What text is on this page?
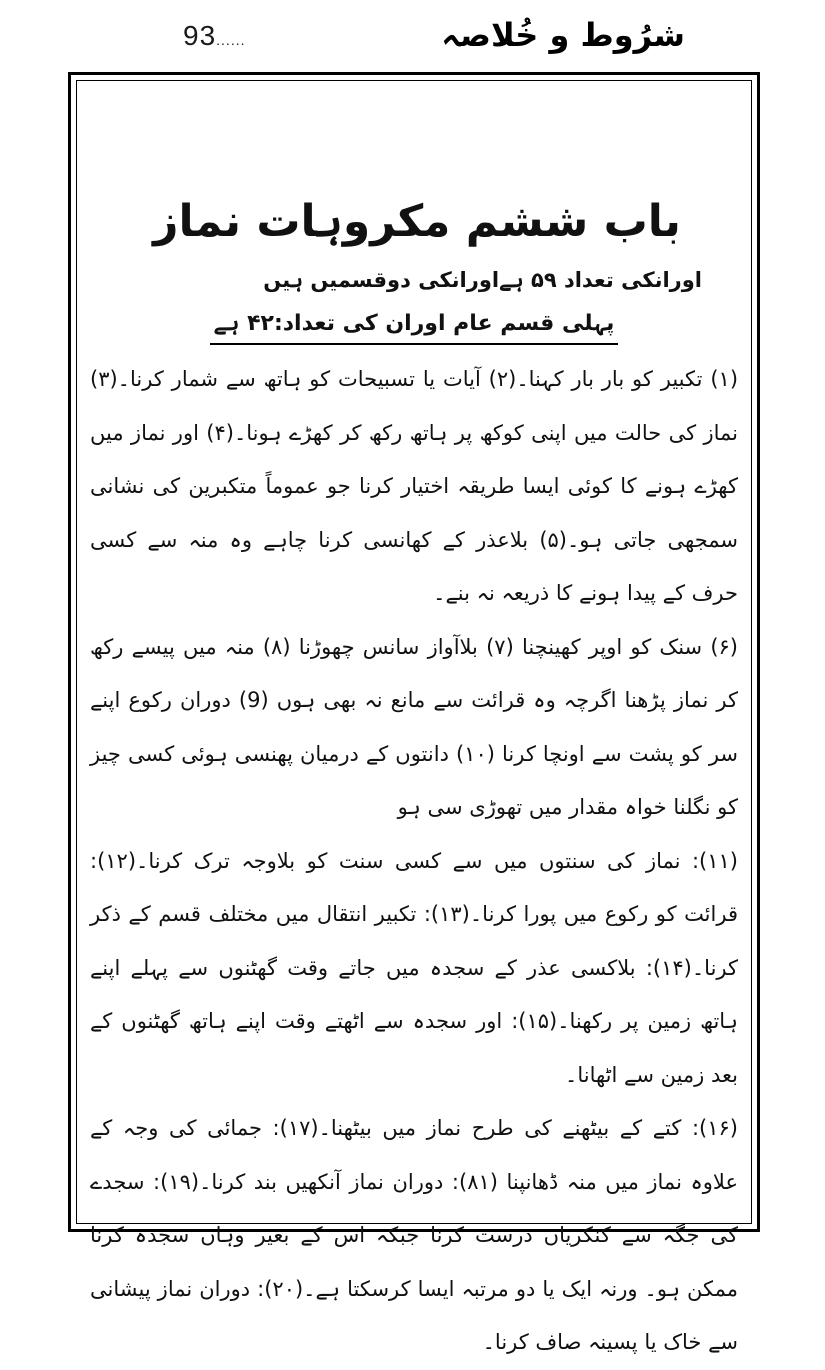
93......	شرُوط و خُلاصہ
باب ششم مکروہات نماز

اورانکی تعداد ۵۹ ہےاورانکی دوقسمیں ہیں

پہلی قسم عام اوران کی تعداد:۴۲ ہے

(۱) تکبیر کو بار بار کہنا۔(۲) آیات یا تسبیحات کو ہاتھ سے شمار کرنا۔(۳) نماز کی حالت میں اپنی کوکھ پر ہاتھ رکھ کر کھڑے ہونا۔(۴) اور نماز میں کھڑے ہونے کا کوئی ایسا طریقہ اختیار کرنا جو عموماً متکبرین کی نشانی سمجھی جاتی ہو۔(۵) بلاعذر کے کھانسی کرنا چاہے وہ منہ سے کسی حرف کے پیدا ہونے کا ذریعہ نہ بنے۔

(۶) سنک کو اوپر کھینچنا (۷) بلاآواز سانس چھوڑنا (۸) منہ میں پیسے رکھ کر نماز پڑھنا اگرچہ وہ قرائت سے مانع نہ بھی ہوں (9) دوران رکوع اپنے سر کو پشت سے اونچا کرنا (۱۰) دانتوں کے درمیان پھنسی ہوئی کسی چیز کو نگلنا خواہ مقدار میں تھوڑی سی ہو

(۱۱): نماز کی سنتوں میں سے کسی سنت کو بلاوجہ ترک کرنا۔(۱۲): قرائت کو رکوع میں پورا کرنا۔(۱۳): تکبیر انتقال میں مختلف قسم کے ذکر کرنا۔(۱۴): بلاکسی عذر کے سجدہ میں جاتے وقت گھٹنوں سے پہلے اپنے ہاتھ زمین پر رکھنا۔(۱۵): اور سجدہ سے اٹھتے وقت اپنے ہاتھ گھٹنوں کے بعد زمین سے اٹھانا۔

(۱۶): کتے کے بیٹھنے کی طرح نماز میں بیٹھنا۔(۱۷): جمائی کی وجہ کے علاوہ نماز میں منہ ڈھانپنا (۸۱): دوران نماز آنکھیں بند کرنا۔(۱۹): سجدے کی جگہ سے کنکریاں درست کرنا جبکہ اس کے بغیر وہاں سجدہ کرنا ممکن ہو۔ ورنہ ایک یا دو مرتبہ ایسا کرسکتا ہے۔(۲۰): دوران نماز پیشانی سے خاک یا پسینہ صاف کرنا۔
